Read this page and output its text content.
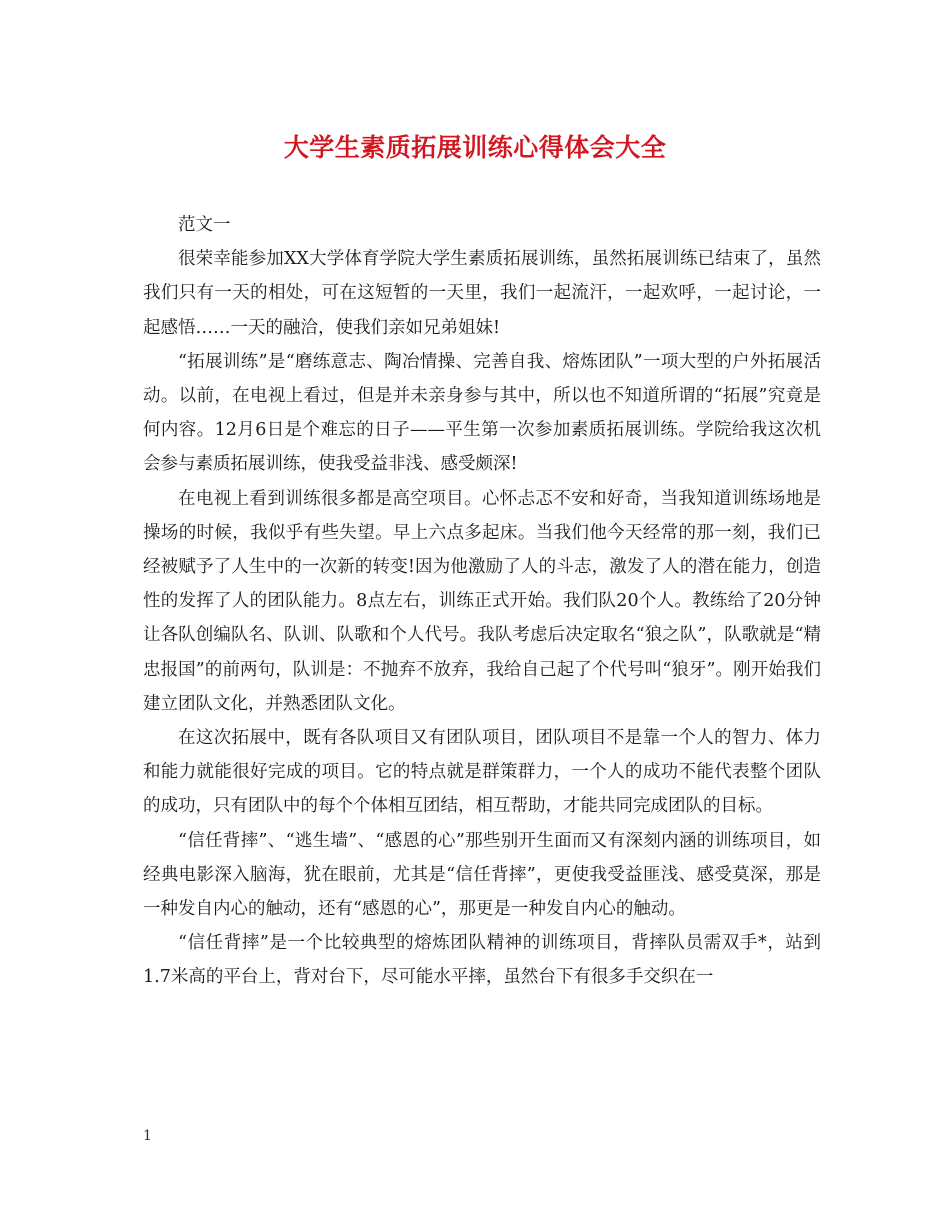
大学生素质拓展训练心得体会大全

范文一

很荣幸能参加XX大学体育学院大学生素质拓展训练，虽然拓展训练已结束了，虽然我们只有一天的相处，可在这短暂的一天里，我们一起流汗，一起欢呼，一起讨论，一起感悟……一天的融洽，使我们亲如兄弟姐妹!

“拓展训练”是“磨练意志、陶冶情操、完善自我、熔炼团队”一项大型的户外拓展活动。以前，在电视上看过，但是并未亲身参与其中，所以也不知道所谓的“拓展”究竟是何内容。12月6日是个难忘的日子——平生第一次参加素质拓展训练。学院给我这次机会参与素质拓展训练，使我受益非浅、感受颇深!

在电视上看到训练很多都是高空项目。心怀忐忑不安和好奇，当我知道训练场地是操场的时候，我似乎有些失望。早上六点多起床。当我们他今天经常的那一刻，我们已经被赋予了人生中的一次新的转变!因为他激励了人的斗志，激发了人的潜在能力，创造性的发挥了人的团队能力。8点左右，训练正式开始。我们队20个人。教练给了20分钟让各队创编队名、队训、队歌和个人代号。我队考虑后决定取名“狼之队”，队歌就是“精忠报国”的前两句，队训是：不抛弃不放弃，我给自己起了个代号叫“狼牙”。刚开始我们建立团队文化，并熟悉团队文化。

在这次拓展中，既有各队项目又有团队项目，团队项目不是靠一个人的智力、体力和能力就能很好完成的项目。它的特点就是群策群力，一个人的成功不能代表整个团队的成功，只有团队中的每个个体相互团结，相互帮助，才能共同完成团队的目标。

“信任背摔”、“逃生墙”、“感恩的心”那些别开生面而又有深刻内涵的训练项目，如经典电影深入脑海，犹在眼前，尤其是“信任背摔”，更使我受益匪浅、感受莫深，那是一种发自内心的触动，还有“感恩的心”，那更是一种发自内心的触动。

“信任背摔”是一个比较典型的熔炼团队精神的训练项目，背摔队员需双手*，站到1.7米高的平台上，背对台下，尽可能水平摔，虽然台下有很多手交织在一

1
